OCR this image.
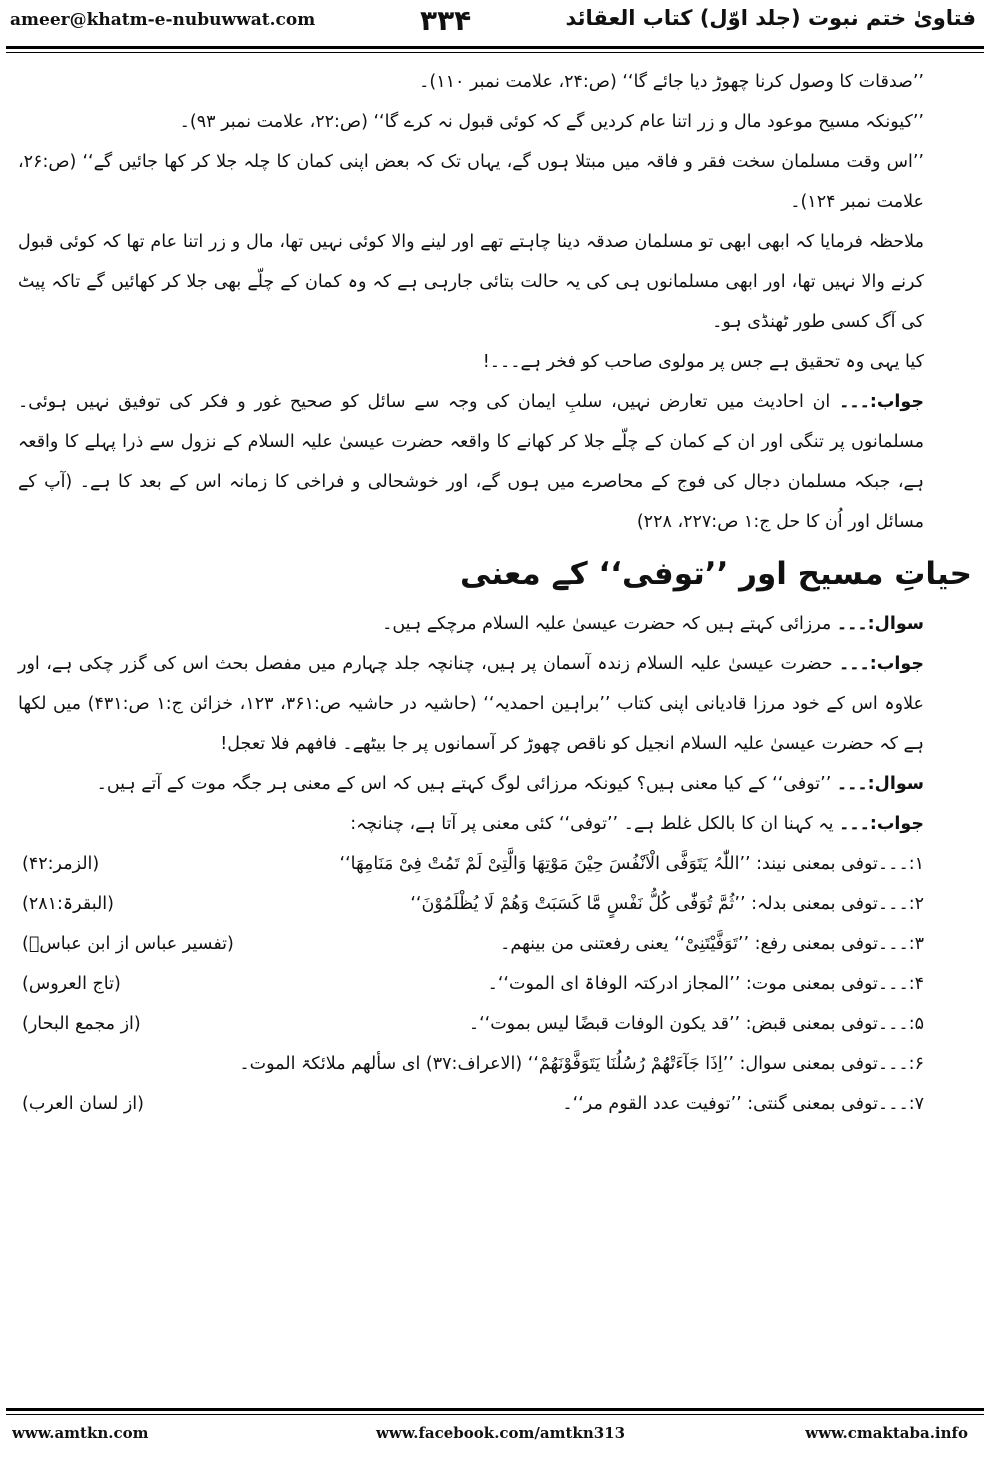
ameer@khatm-e-nubuwwat.com	۳۳۴	فتاویٰ ختم نبوت (جلد اوّل) کتاب العقائد

’’صدقات کا وصول کرنا چھوڑ دیا جائے گا‘‘ (ص:۲۴، علامت نمبر ۱۱۰)۔

’’کیونکہ مسیح موعود مال و زر اتنا عام کردیں گے کہ کوئی قبول نہ کرے گا‘‘ (ص:۲۲، علامت نمبر ۹۳)۔

’’اس وقت مسلمان سخت فقر و فاقہ میں مبتلا ہوں گے، یہاں تک کہ بعض اپنی کمان کا چلہ جلا کر کھا جائیں گے‘‘ (ص:۲۶، علامت نمبر ۱۲۴)۔

ملاحظہ فرمایا کہ ابھی ابھی تو مسلمان صدقہ دینا چاہتے تھے اور لینے والا کوئی نہیں تھا، مال و زر اتنا عام تھا کہ کوئی قبول کرنے والا نہیں تھا، اور ابھی مسلمانوں ہی کی یہ حالت بتائی جارہی ہے کہ وہ کمان کے چلّے بھی جلا کر کھائیں گے تاکہ پیٹ کی آگ کسی طور ٹھنڈی ہو۔

کیا یہی وہ تحقیق ہے جس پر مولوی صاحب کو فخر ہے۔۔۔!

جواب:۔۔۔ ان احادیث میں تعارض نہیں، سلبِ ایمان کی وجہ سے سائل کو صحیح غور و فکر کی توفیق نہیں ہوئی۔ مسلمانوں پر تنگی اور ان کے کمان کے چلّے جلا کر کھانے کا واقعہ حضرت عیسیٰ علیہ السلام کے نزول سے ذرا پہلے کا واقعہ ہے، جبکہ مسلمان دجال کی فوج کے محاصرے میں ہوں گے، اور خوشحالی و فراخی کا زمانہ اس کے بعد کا ہے۔ (آپ کے مسائل اور اُن کا حل ج:۱ ص:۲۲۷، ۲۲۸)

حیاتِ مسیح اور ’’توفی‘‘ کے معنی

سوال:۔۔۔ مرزائی کہتے ہیں کہ حضرت عیسیٰ علیہ السلام مرچکے ہیں۔

جواب:۔۔۔ حضرت عیسیٰ علیہ السلام زندہ آسمان پر ہیں، چنانچہ جلد چہارم میں مفصل بحث اس کی گزر چکی ہے، اور علاوہ اس کے خود مرزا قادیانی اپنی کتاب ’’براہین احمدیہ‘‘ (حاشیہ در حاشیہ ص:۳۶۱، ۱۲۳، خزائن ج:۱ ص:۴۳۱) میں لکھا ہے کہ حضرت عیسیٰ علیہ السلام انجیل کو ناقص چھوڑ کر آسمانوں پر جا بیٹھے۔ فافھم فلا تعجل!

سوال:۔۔۔ ’’توفی‘‘ کے کیا معنی ہیں؟ کیونکہ مرزائی لوگ کہتے ہیں کہ اس کے معنی ہر جگہ موت کے آتے ہیں۔

جواب:۔۔۔ یہ کہنا ان کا بالکل غلط ہے۔ ’’توفی‘‘ کئی معنی پر آتا ہے، چنانچہ:

۱:۔۔۔توفی بمعنی نیند: ’’اللّٰہُ یَتَوَفَّی الْاَنْفُسَ حِیْنَ مَوْتِھَا وَالَّتِیْ لَمْ تَمُتْ فِیْ مَنَامِھَا‘‘
(الزمر:۴۲)
۲:۔۔۔توفی بمعنی بدلہ: ’’ثُمَّ تُوَفّٰی کُلُّ نَفْسٍ مَّا کَسَبَتْ وَھُمْ لَا یُظْلَمُوْنَ‘‘
(البقرۃ:۲۸۱)
۳:۔۔۔توفی بمعنی رفع: ’’تَوَفَّیْتَنِیْ‘‘ یعنی رفعتنی من بینھم۔
(تفسیر عباس از ابن عباسؓ)
۴:۔۔۔توفی بمعنی موت: ’’المجاز ادرکتہ الوفاۃ ای الموت‘‘۔
(تاج العروس)
۵:۔۔۔توفی بمعنی قبض: ’’قد یکون الوفات قبضًا لیس بموت‘‘۔
(از مجمع البحار)
۶:۔۔۔توفی بمعنی سوال: ’’اِذَا جَآءَتْھُمْ رُسُلُنَا یَتَوَفَّوْنَھُمْ‘‘ (الاعراف:۳۷) ای سألھم ملائکۃ الموت۔
۷:۔۔۔توفی بمعنی گنتی: ’’توفیت عدد القوم مر‘‘۔
(از لسان العرب)
www.amtkn.com	www.facebook.com/amtkn313	www.cmaktaba.info
